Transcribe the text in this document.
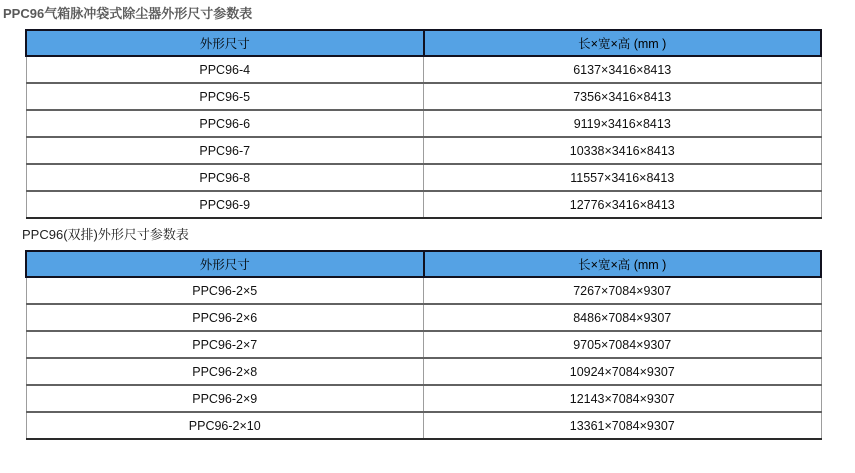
PPC96气箱脉冲袋式除尘器外形尺寸参数表
外形尺寸	长×宽×高 (mm )
PPC96-4	6137×3416×8413
PPC96-5	7356×3416×8413
PPC96-6	9119×3416×8413
PPC96-7	10338×3416×8413
PPC96-8	11557×3416×8413
PPC96-9	12776×3416×8413
PPC96(双排)外形尺寸参数表
外形尺寸	长×宽×高 (mm )
PPC96-2×5	7267×7084×9307
PPC96-2×6	8486×7084×9307
PPC96-2×7	9705×7084×9307
PPC96-2×8	10924×7084×9307
PPC96-2×9	12143×7084×9307
PPC96-2×10	13361×7084×9307
